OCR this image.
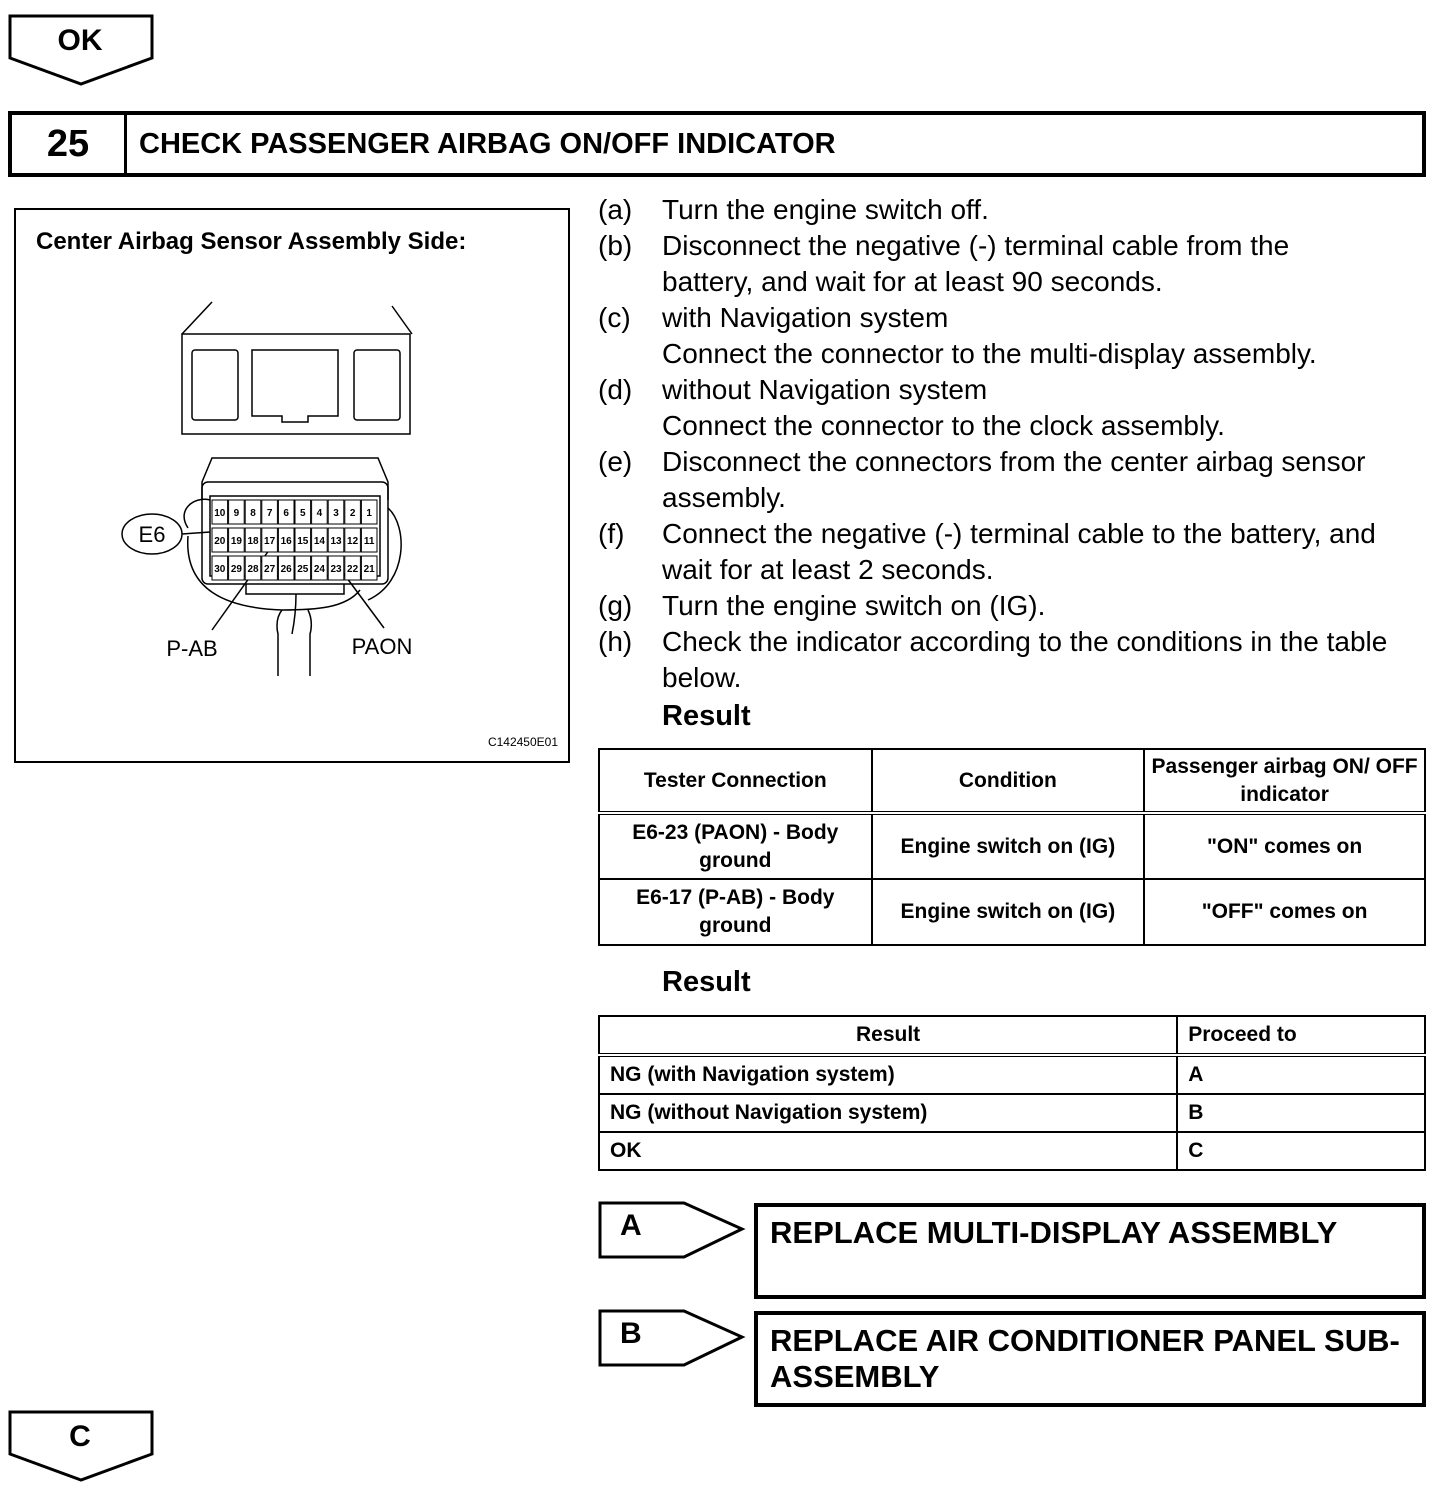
OK
25	CHECK PASSENGER AIRBAG ON/OFF INDICATOR
Center Airbag Sensor Assembly Side:
10 9 8 7 6 5 4 3 2 1
20 19 18 17 16 15 14 13 12 11
30 29 28 27 26 25 24 23 22 21
E6
P-AB	PAON
C142450E01
(a)	Turn the engine switch off.
(b)	Disconnect the negative (-) terminal cable from the battery, and wait for at least 90 seconds.
(c)	with Navigation system
Connect the connector to the multi-display assembly.
(d)	without Navigation system
Connect the connector to the clock assembly.
(e)	Disconnect the connectors from the center airbag sensor assembly.
(f)	Connect the negative (-) terminal cable to the battery, and wait for at least 2 seconds.
(g)	Turn the engine switch on (IG).
(h)	Check the indicator according to the conditions in the table below.
Result
Tester Connection	Condition	Passenger airbag ON/ OFF indicator
E6-23 (PAON) - Body ground	Engine switch on (IG)	"ON" comes on
E6-17 (P-AB) - Body ground	Engine switch on (IG)	"OFF" comes on
Result
Result	Proceed to
NG (with Navigation system)	A
NG (without Navigation system)	B
OK	C
A	REPLACE MULTI-DISPLAY ASSEMBLY
B	REPLACE AIR CONDITIONER PANEL SUB-ASSEMBLY
C
